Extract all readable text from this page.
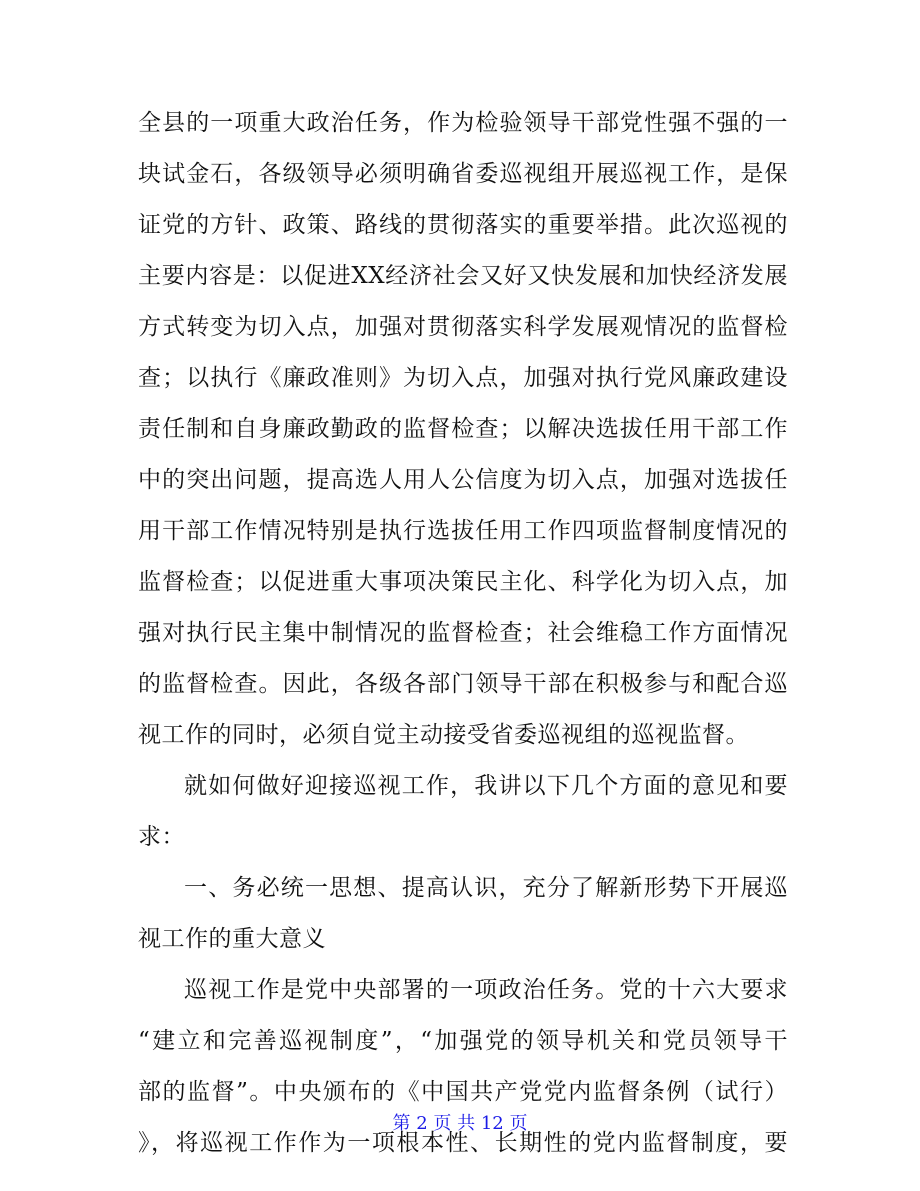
全县的一项重大政治任务，作为检验领导干部党性强不强的一
块试金石，各级领导必须明确省委巡视组开展巡视工作，是保
证党的方针、政策、路线的贯彻落实的重要举措。此次巡视的
主要内容是：以促进XX经济社会又好又快发展和加快经济发展
方式转变为切入点，加强对贯彻落实科学发展观情况的监督检
查；以执行《廉政准则》为切入点，加强对执行党风廉政建设
责任制和自身廉政勤政的监督检查；以解决选拔任用干部工作
中的突出问题，提高选人用人公信度为切入点，加强对选拔任
用干部工作情况特别是执行选拔任用工作四项监督制度情况的
监督检查；以促进重大事项决策民主化、科学化为切入点，加
强对执行民主集中制情况的监督检查；社会维稳工作方面情况
的监督检查。因此，各级各部门领导干部在积极参与和配合巡
视工作的同时，必须自觉主动接受省委巡视组的巡视监督。
就如何做好迎接巡视工作，我讲以下几个方面的意见和要
求：
一、务必统一思想、提高认识，充分了解新形势下开展巡
视工作的重大意义
巡视工作是党中央部署的一项政治任务。党的十六大要求
“建立和完善巡视制度”，“加强党的领导机关和党员领导干
部的监督”。中央颁布的《中国共产党党内监督条例（试行）
》，将巡视工作作为一项根本性、长期性的党内监督制度，要
第 2 页 共 12 页
